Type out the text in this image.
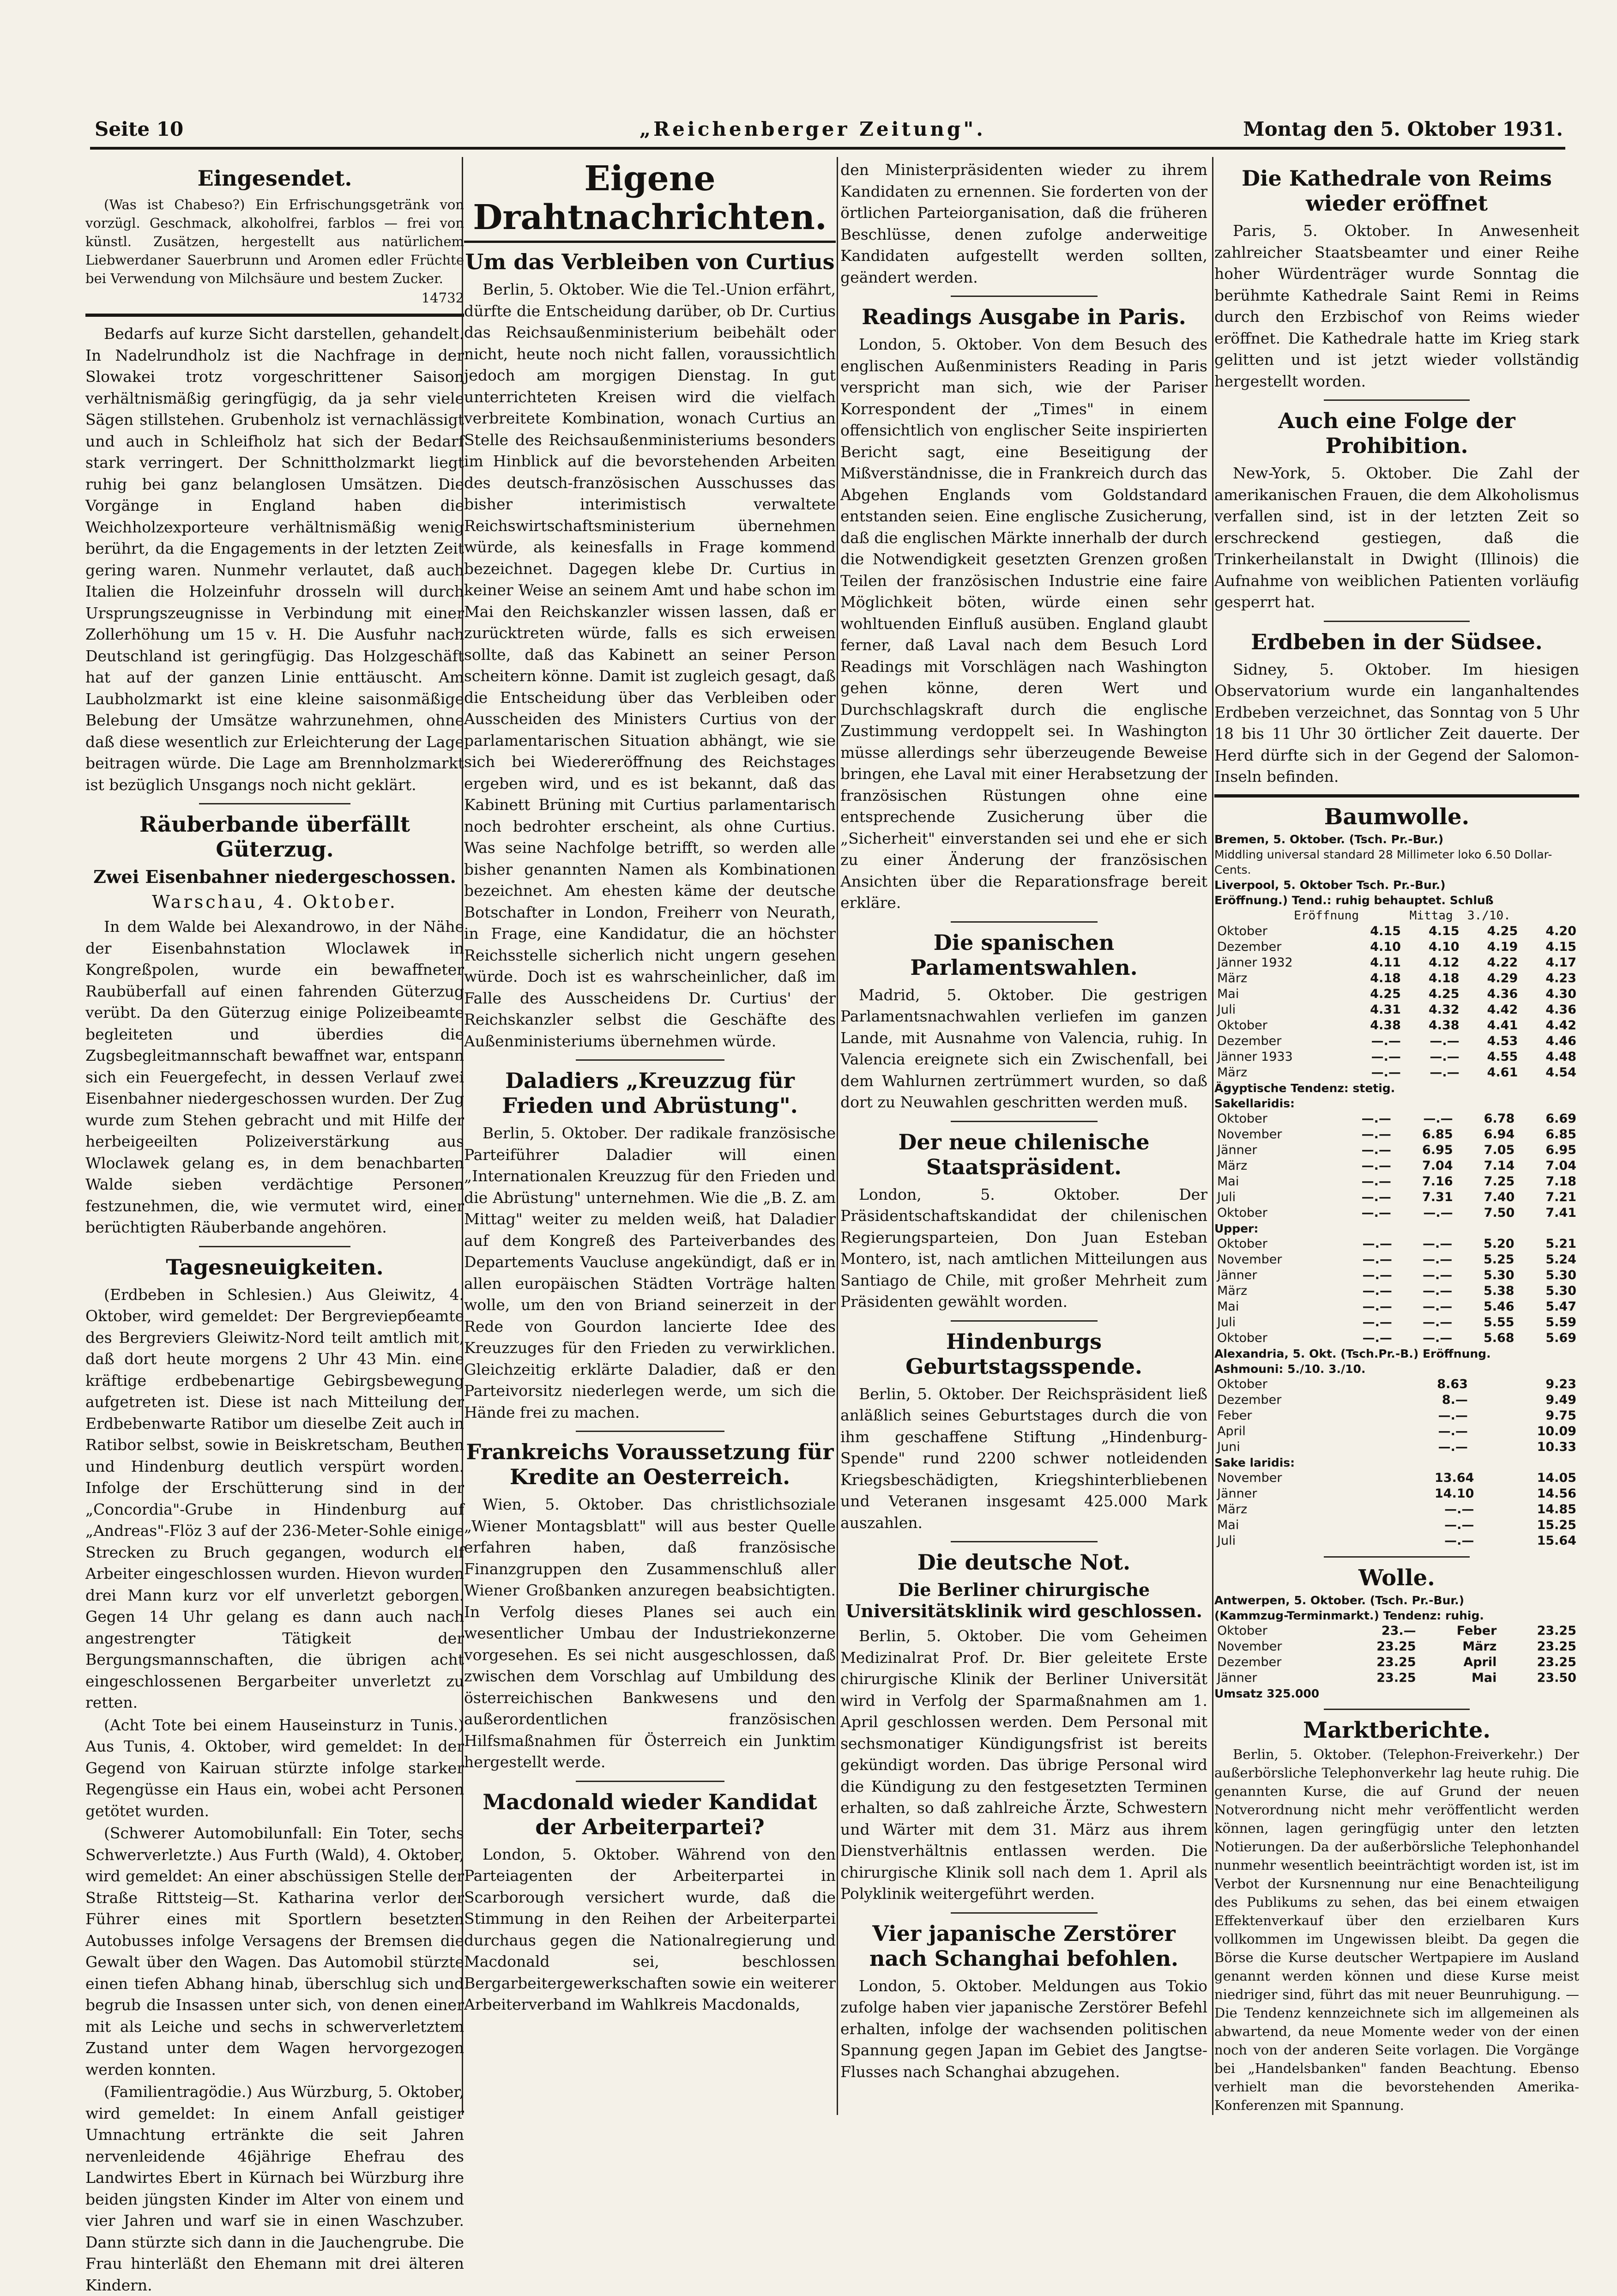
Seite 10	„Reichenberger Zeitung".	Montag den 5. Oktober 1931.
Eingesendet.
(Was ist Chabeso?) Ein Erfrischungsgetränk von vorzügl. Geschmack, alkoholfrei, farblos — frei von künstl. Zusätzen, hergestellt aus natürlichem Liebwerdaner Sauerbrunn und Aromen edler Früchte bei Verwendung von Milchsäure und bestem Zucker.
14732
Bedarfs auf kurze Sicht darstellen, gehandelt. In Nadelrundholz ist die Nachfrage in der Slowakei trotz vorgeschrittener Saison verhältnismäßig geringfügig, da ja sehr viele Sägen stillstehen. Grubenholz ist vernachlässigt und auch in Schleifholz hat sich der Bedarf stark verringert. Der Schnittholzmarkt liegt ruhig bei ganz belanglosen Umsätzen. Die Vorgänge in England haben die Weichholzexporteure verhältnismäßig wenig berührt, da die Engagements in der letzten Zeit gering waren. Nunmehr verlautet, daß auch Italien die Holzeinfuhr drosseln will durch Ursprungszeugnisse in Verbindung mit einer Zollerhöhung um 15 v. H. Die Ausfuhr nach Deutschland ist geringfügig. Das Holzgeschäft hat auf der ganzen Linie enttäuscht. Am Laubholzmarkt ist eine kleine saisonmäßige Belebung der Umsätze wahrzunehmen, ohne daß diese wesentlich zur Erleichterung der Lage beitragen würde. Die Lage am Brennholzmarkt ist bezüglich Unsgangs noch nicht geklärt.
Räuberbande überfällt Güterzug.
Zwei Eisenbahner niedergeschossen.
Warschau, 4. Oktober.
In dem Walde bei Alexandrowo, in der Nähe der Eisenbahnstation Wloclawek in Kongreßpolen, wurde ein bewaffneter Raubüberfall auf einen fahrenden Güterzug verübt. Da den Güterzug einige Polizeibeamte begleiteten und überdies die Zugsbegleitmannschaft bewaffnet war, entspann sich ein Feuergefecht, in dessen Verlauf zwei Eisenbahner niedergeschossen wurden. Der Zug wurde zum Stehen gebracht und mit Hilfe der herbeigeeilten Polizeiverstärkung aus Wloclawek gelang es, in dem benachbarten Walde sieben verdächtige Personen festzunehmen, die, wie vermutet wird, einer berüchtigten Räuberbande angehören.
Tagesneuigkeiten.
(Erdbeben in Schlesien.) Aus Gleiwitz, 4. Oktober, wird gemeldet: Der Bergreviербeamte des Bergreviers Gleiwitz-Nord teilt amtlich mit, daß dort heute morgens 2 Uhr 43 Min. eine kräftige erdbebenartige Gebirgsbewegung aufgetreten ist. Diese ist nach Mitteilung der Erdbebenwarte Ratibor um dieselbe Zeit auch in Ratibor selbst, sowie in Beiskretscham, Beuthen und Hindenburg deutlich verspürt worden. Infolge der Erschütterung sind in der „Concordia"-Grube in Hindenburg auf „Andreas"-Flöz 3 auf der 236-Meter-Sohle einige Strecken zu Bruch gegangen, wodurch elf Arbeiter eingeschlossen wurden. Hievon wurden drei Mann kurz vor elf unverletzt geborgen. Gegen 14 Uhr gelang es dann auch nach angestrengter Tätigkeit der Bergungsmannschaften, die übrigen acht eingeschlossenen Bergarbeiter unverletzt zu retten.
(Acht Tote bei einem Hauseinsturz in Tunis.) Aus Tunis, 4. Oktober, wird gemeldet: In der Gegend von Kairuan stürzte infolge starker Regengüsse ein Haus ein, wobei acht Personen getötet wurden.
(Schwerer Automobilunfall: Ein Toter, sechs Schwerverletzte.) Aus Furth (Wald), 4. Oktober, wird gemeldet: An einer abschüssigen Stelle der Straße Rittsteig—St. Katharina verlor der Führer eines mit Sportlern besetzten Autobusses infolge Versagens der Bremsen die Gewalt über den Wagen. Das Automobil stürzte einen tiefen Abhang hinab, überschlug sich und begrub die Insassen unter sich, von denen einer mit als Leiche und sechs in schwerverletztem Zustand unter dem Wagen hervorgezogen werden konnten.
(Familientragödie.) Aus Würzburg, 5. Oktober, wird gemeldet: In einem Anfall geistiger Umnachtung ertränkte die seit Jahren nervenleidende 46jährige Ehefrau des Landwirtes Ebert in Kürnach bei Würzburg ihre beiden jüngsten Kinder im Alter von einem und vier Jahren und warf sie in einen Waschzuber. Dann stürzte sich dann in die Jauchengrube. Die Frau hinterläßt den Ehemann mit drei älteren Kindern.
Eigene Drahtnachrichten.
Um das Verbleiben von Curtius
Berlin, 5. Oktober. Wie die Tel.-Union erfährt, dürfte die Entscheidung darüber, ob Dr. Curtius das Reichsaußenministerium beibehält oder nicht, heute noch nicht fallen, voraussichtlich jedoch am morgigen Dienstag. In gut unterrichteten Kreisen wird die vielfach verbreitete Kombination, wonach Curtius an Stelle des Reichsaußenministeriums besonders im Hinblick auf die bevorstehenden Arbeiten des deutsch-französischen Ausschusses das bisher interimistisch verwaltete Reichswirtschaftsministerium übernehmen würde, als keinesfalls in Frage kommend bezeichnet. Dagegen klebe Dr. Curtius in keiner Weise an seinem Amt und habe schon im Mai den Reichskanzler wissen lassen, daß er zurücktreten würde, falls es sich erweisen sollte, daß das Kabinett an seiner Person scheitern könne. Damit ist zugleich gesagt, daß die Entscheidung über das Verbleiben oder Ausscheiden des Ministers Curtius von der parlamentarischen Situation abhängt, wie sie sich bei Wiedereröffnung des Reichstages ergeben wird, und es ist bekannt, daß das Kabinett Brüning mit Curtius parlamentarisch noch bedrohter erscheint, als ohne Curtius. Was seine Nachfolge betrifft, so werden alle bisher genannten Namen als Kombinationen bezeichnet. Am ehesten käme der deutsche Botschafter in London, Freiherr von Neurath, in Frage, eine Kandidatur, die an höchster Reichsstelle sicherlich nicht ungern gesehen würde. Doch ist es wahrscheinlicher, daß im Falle des Ausscheidens Dr. Curtius' der Reichskanzler selbst die Geschäfte des Außenministeriums übernehmen würde.
Daladiers „Kreuzzug für Frieden und Abrüstung".
Berlin, 5. Oktober. Der radikale französische Parteiführer Daladier will einen „Internationalen Kreuzzug für den Frieden und die Abrüstung" unternehmen. Wie die „B. Z. am Mittag" weiter zu melden weiß, hat Daladier auf dem Kongreß des Parteiverbandes des Departements Vaucluse angekündigt, daß er in allen europäischen Städten Vorträge halten wolle, um den von Briand seinerzeit in der Rede von Gourdon lancierte Idee des Kreuzzuges für den Frieden zu verwirklichen. Gleichzeitig erklärte Daladier, daß er den Parteivorsitz niederlegen werde, um sich die Hände frei zu machen.
Frankreichs Voraussetzung für Kredite an Oesterreich.
Wien, 5. Oktober. Das christlichsoziale „Wiener Montagsblatt" will aus bester Quelle erfahren haben, daß französische Finanzgruppen den Zusammenschluß aller Wiener Großbanken anzuregen beabsichtigten. In Verfolg dieses Planes sei auch ein wesentlicher Umbau der Industriekonzerne vorgesehen. Es sei nicht ausgeschlossen, daß zwischen dem Vorschlag auf Umbildung des österreichischen Bankwesens und den außerordentlichen französischen Hilfsmaßnahmen für Österreich ein Junktim hergestellt werde.
Macdonald wieder Kandidat der Arbeiterpartei?
London, 5. Oktober. Während von den Parteiagenten der Arbeiterpartei in Scarborough versichert wurde, daß die Stimmung in den Reihen der Arbeiterpartei durchaus gegen die Nationalregierung und Macdonald sei, beschlossen Bergarbeitergewerkschaften sowie ein weiterer Arbeiterverband im Wahlkreis Macdonalds,
den Ministerpräsidenten wieder zu ihrem Kandidaten zu ernennen. Sie forderten von der örtlichen Parteiorganisation, daß die früheren Beschlüsse, denen zufolge anderweitige Kandidaten aufgestellt werden sollten, geändert werden.
Readings Ausgabe in Paris.
London, 5. Oktober. Von dem Besuch des englischen Außenministers Reading in Paris verspricht man sich, wie der Pariser Korrespondent der „Times" in einem offensichtlich von englischer Seite inspirierten Bericht sagt, eine Beseitigung der Mißverständnisse, die in Frankreich durch das Abgehen Englands vom Goldstandard entstanden seien. Eine englische Zusicherung, daß die englischen Märkte innerhalb der durch die Notwendigkeit gesetzten Grenzen großen Teilen der französischen Industrie eine faire Möglichkeit böten, würde einen sehr wohltuenden Einfluß ausüben. England glaubt ferner, daß Laval nach dem Besuch Lord Readings mit Vorschlägen nach Washington gehen könne, deren Wert und Durchschlagskraft durch die englische Zustimmung verdoppelt sei. In Washington müsse allerdings sehr überzeugende Beweise bringen, ehe Laval mit einer Herabsetzung der französischen Rüstungen ohne eine entsprechende Zusicherung über die „Sicherheit" einverstanden sei und ehe er sich zu einer Änderung der französischen Ansichten über die Reparationsfrage bereit erkläre.
Die spanischen Parlamentswahlen.
Madrid, 5. Oktober. Die gestrigen Parlamentsnachwahlen verliefen im ganzen Lande, mit Ausnahme von Valencia, ruhig. In Valencia ereignete sich ein Zwischenfall, bei dem Wahlurnen zertrümmert wurden, so daß dort zu Neuwahlen geschritten werden muß.
Der neue chilenische Staatspräsident.
London, 5. Oktober. Der Präsidentschaftskandidat der chilenischen Regierungsparteien, Don Juan Esteban Montero, ist, nach amtlichen Mitteilungen aus Santiago de Chile, mit großer Mehrheit zum Präsidenten gewählt worden.
Hindenburgs Geburtstagsspende.
Berlin, 5. Oktober. Der Reichspräsident ließ anläßlich seines Geburtstages durch die von ihm geschaffene Stiftung „Hindenburg-Spende" rund 2200 schwer notleidenden Kriegsbeschädigten, Kriegshinterbliebenen und Veteranen insgesamt 425.000 Mark auszahlen.
Die deutsche Not.
Die Berliner chirurgische Universitätsklinik wird geschlossen.
Berlin, 5. Oktober. Die vom Geheimen Medizinalrat Prof. Dr. Bier geleitete Erste chirurgische Klinik der Berliner Universität wird in Verfolg der Sparmaßnahmen am 1. April geschlossen werden. Dem Personal mit sechsmonatiger Kündigungsfrist ist bereits gekündigt worden. Das übrige Personal wird die Kündigung zu den festgesetzten Terminen erhalten, so daß zahlreiche Ärzte, Schwestern und Wärter mit dem 31. März aus ihrem Dienstverhältnis entlassen werden. Die chirurgische Klinik soll nach dem 1. April als Polyklinik weitergeführt werden.
Vier japanische Zerstörer nach Schanghai befohlen.
London, 5. Oktober. Meldungen aus Tokio zufolge haben vier japanische Zerstörer Befehl erhalten, infolge der wachsenden politischen Spannung gegen Japan im Gebiet des Jangtse-Flusses nach Schanghai abzugehen.
Die Kathedrale von Reims wieder eröffnet
Paris, 5. Oktober. In Anwesenheit zahlreicher Staatsbeamter und einer Reihe hoher Würdenträger wurde Sonntag die berühmte Kathedrale Saint Remi in Reims durch den Erzbischof von Reims wieder eröffnet. Die Kathedrale hatte im Krieg stark gelitten und ist jetzt wieder vollständig hergestellt worden.
Auch eine Folge der Prohibition.
New-York, 5. Oktober. Die Zahl der amerikanischen Frauen, die dem Alkoholismus verfallen sind, ist in der letzten Zeit so erschreckend gestiegen, daß die Trinkerheilanstalt in Dwight (Illinois) die Aufnahme von weiblichen Patienten vorläufig gesperrt hat.
Erdbeben in der Südsee.
Sidney, 5. Oktober. Im hiesigen Observatorium wurde ein langanhaltendes Erdbeben verzeichnet, das Sonntag von 5 Uhr 18 bis 11 Uhr 30 örtlicher Zeit dauerte. Der Herd dürfte sich in der Gegend der Salomon-Inseln befinden.
Baumwolle.
Bremen, 5. Oktober. (Tsch. Pr.-Bur.)
Middling universal standard 28 Millimeter loko 6.50 Dollar-Cents.
Liverpool, 5. Oktober Tsch. Pr.-Bur.)
Eröffnung.) Tend.: ruhig behauptet. Schluß
Eröffnung       Mittag  3./10.
Oktober	4.15	4.15	4.25	4.20
Dezember	4.10	4.10	4.19	4.15
Jänner 1932	4.11	4.12	4.22	4.17
März	4.18	4.18	4.29	4.23
Mai	4.25	4.25	4.36	4.30
Juli	4.31	4.32	4.42	4.36
Oktober	4.38	4.38	4.41	4.42
Dezember	—.—	—.—	4.53	4.46
Jänner 1933	—.—	—.—	4.55	4.48
März	—.—	—.—	4.61	4.54
Ägyptische Tendenz: stetig.
Sakellaridis:
Oktober	—.—	—.—	6.78	6.69
November	—.—	6.85	6.94	6.85
Jänner	—.—	6.95	7.05	6.95
März	—.—	7.04	7.14	7.04
Mai	—.—	7.16	7.25	7.18
Juli	—.—	7.31	7.40	7.21
Oktober	—.—	—.—	7.50	7.41
Upper:
Oktober	—.—	—.—	5.20	5.21
November	—.—	—.—	5.25	5.24
Jänner	—.—	—.—	5.30	5.30
März	—.—	—.—	5.38	5.30
Mai	—.—	—.—	5.46	5.47
Juli	—.—	—.—	5.55	5.59
Oktober	—.—	—.—	5.68	5.69
Alexandria, 5. Okt. (Tsch.Pr.-B.) Eröffnung.
Ashmouni: 5./10. 3./10.
Oktober	8.63	9.23
Dezember	8.—	9.49
Feber	—.—	9.75
April	—.—	10.09
Juni	—.—	10.33
Sake laridis:
November	13.64	14.05
Jänner	14.10	14.56
März	—.—	14.85
Mai	—.—	15.25
Juli	—.—	15.64
Wolle.
Antwerpen, 5. Oktober. (Tsch. Pr.-Bur.)
(Kammzug-Terminmarkt.) Tendenz: ruhig.
Oktober	23.—	Feber	23.25
November	23.25	März	23.25
Dezember	23.25	April	23.25
Jänner	23.25	Mai	23.50
Umsatz 325.000
Marktberichte.
Berlin, 5. Oktober. (Telephon-Freiverkehr.) Der außerbörsliche Telephonverkehr lag heute ruhig. Die genannten Kurse, die auf Grund der neuen Notverordnung nicht mehr veröffentlicht werden können, lagen geringfügig unter den letzten Notierungen. Da der außerbörsliche Telephonhandel nunmehr wesentlich beeinträchtigt worden ist, ist im Verbot der Kursnennung nur eine Benachteiligung des Publikums zu sehen, das bei einem etwaigen Effektenverkauf über den erzielbaren Kurs vollkommen im Ungewissen bleibt. Da gegen die Börse die Kurse deutscher Wertpapiere im Ausland genannt werden können und diese Kurse meist niedriger sind, führt das mit neuer Beunruhigung. — Die Tendenz kennzeichnete sich im allgemeinen als abwartend, da neue Momente weder von der einen noch von der anderen Seite vorlagen. Die Vorgänge bei „Handelsbanken" fanden Beachtung. Ebenso verhielt man die bevorstehenden Amerika-Konferenzen mit Spannung.
